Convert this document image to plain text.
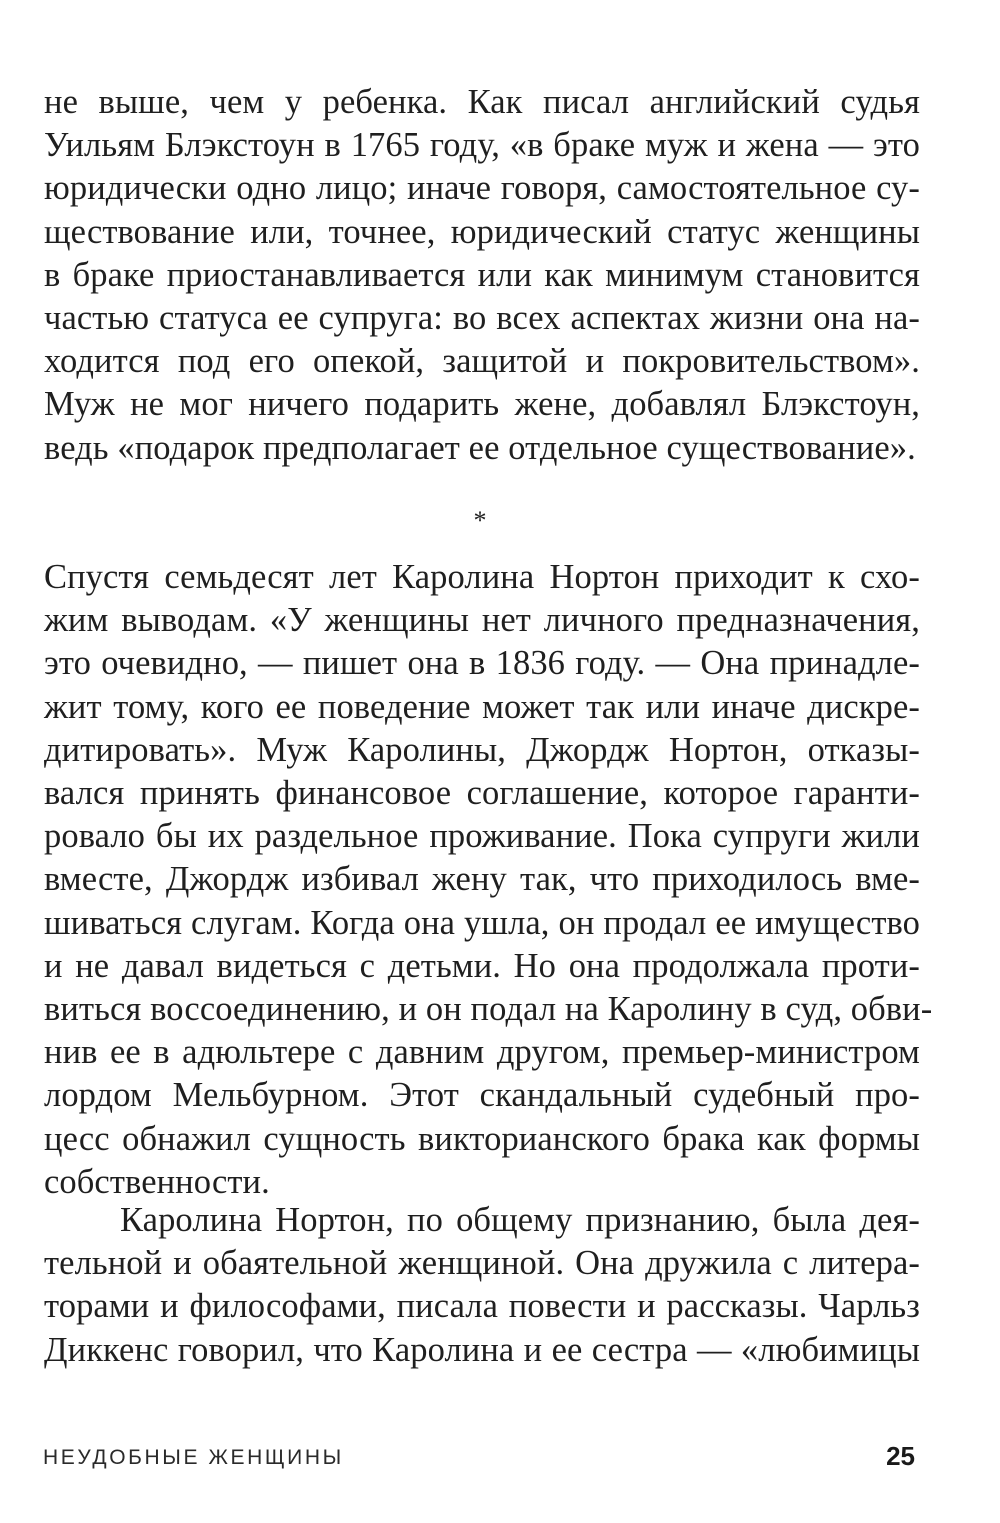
не выше, чем у ребенка. Как писал английский судья
Уильям Блэкстоун в 1765 году, «в браке муж и жена — это
юридически одно лицо; иначе говоря, самостоятельное су-
ществование или, точнее, юридический статус женщины
в браке приостанавливается или как минимум становится
частью статуса ее супруга: во всех аспектах жизни она на-
ходится под его опекой, защитой и покровительством».
Муж не мог ничего подарить жене, добавлял Блэкстоун,
ведь «подарок предполагает ее отдельное существование».
*
Спустя семьдесят лет Каролина Нортон приходит к схо-
жим выводам. «У женщины нет личного предназначения,
это очевидно, — пишет она в 1836 году. — Она принадле-
жит тому, кого ее поведение может так или иначе дискре-
дитировать». Муж Каролины, Джордж Нортон, отказы-
вался принять финансовое соглашение, которое гаранти-
ровало бы их раздельное проживание. Пока супруги жили
вместе, Джордж избивал жену так, что приходилось вме-
шиваться слугам. Когда она ушла, он продал ее имущество
и не давал видеться с детьми. Но она продолжала проти-
виться воссоединению, и он подал на Каролину в суд, обви-
нив ее в адюльтере с давним другом, премьер-министром
лордом Мельбурном. Этот скандальный судебный про-
цесс обнажил сущность викторианского брака как формы
собственности.
Каролина Нортон, по общему признанию, была дея-
тельной и обаятельной женщиной. Она дружила с литера-
торами и философами, писала повести и рассказы. Чарльз
Диккенс говорил, что Каролина и ее сестра — «любимицы
НЕУДОБНЫЕ ЖЕНЩИНЫ	25
